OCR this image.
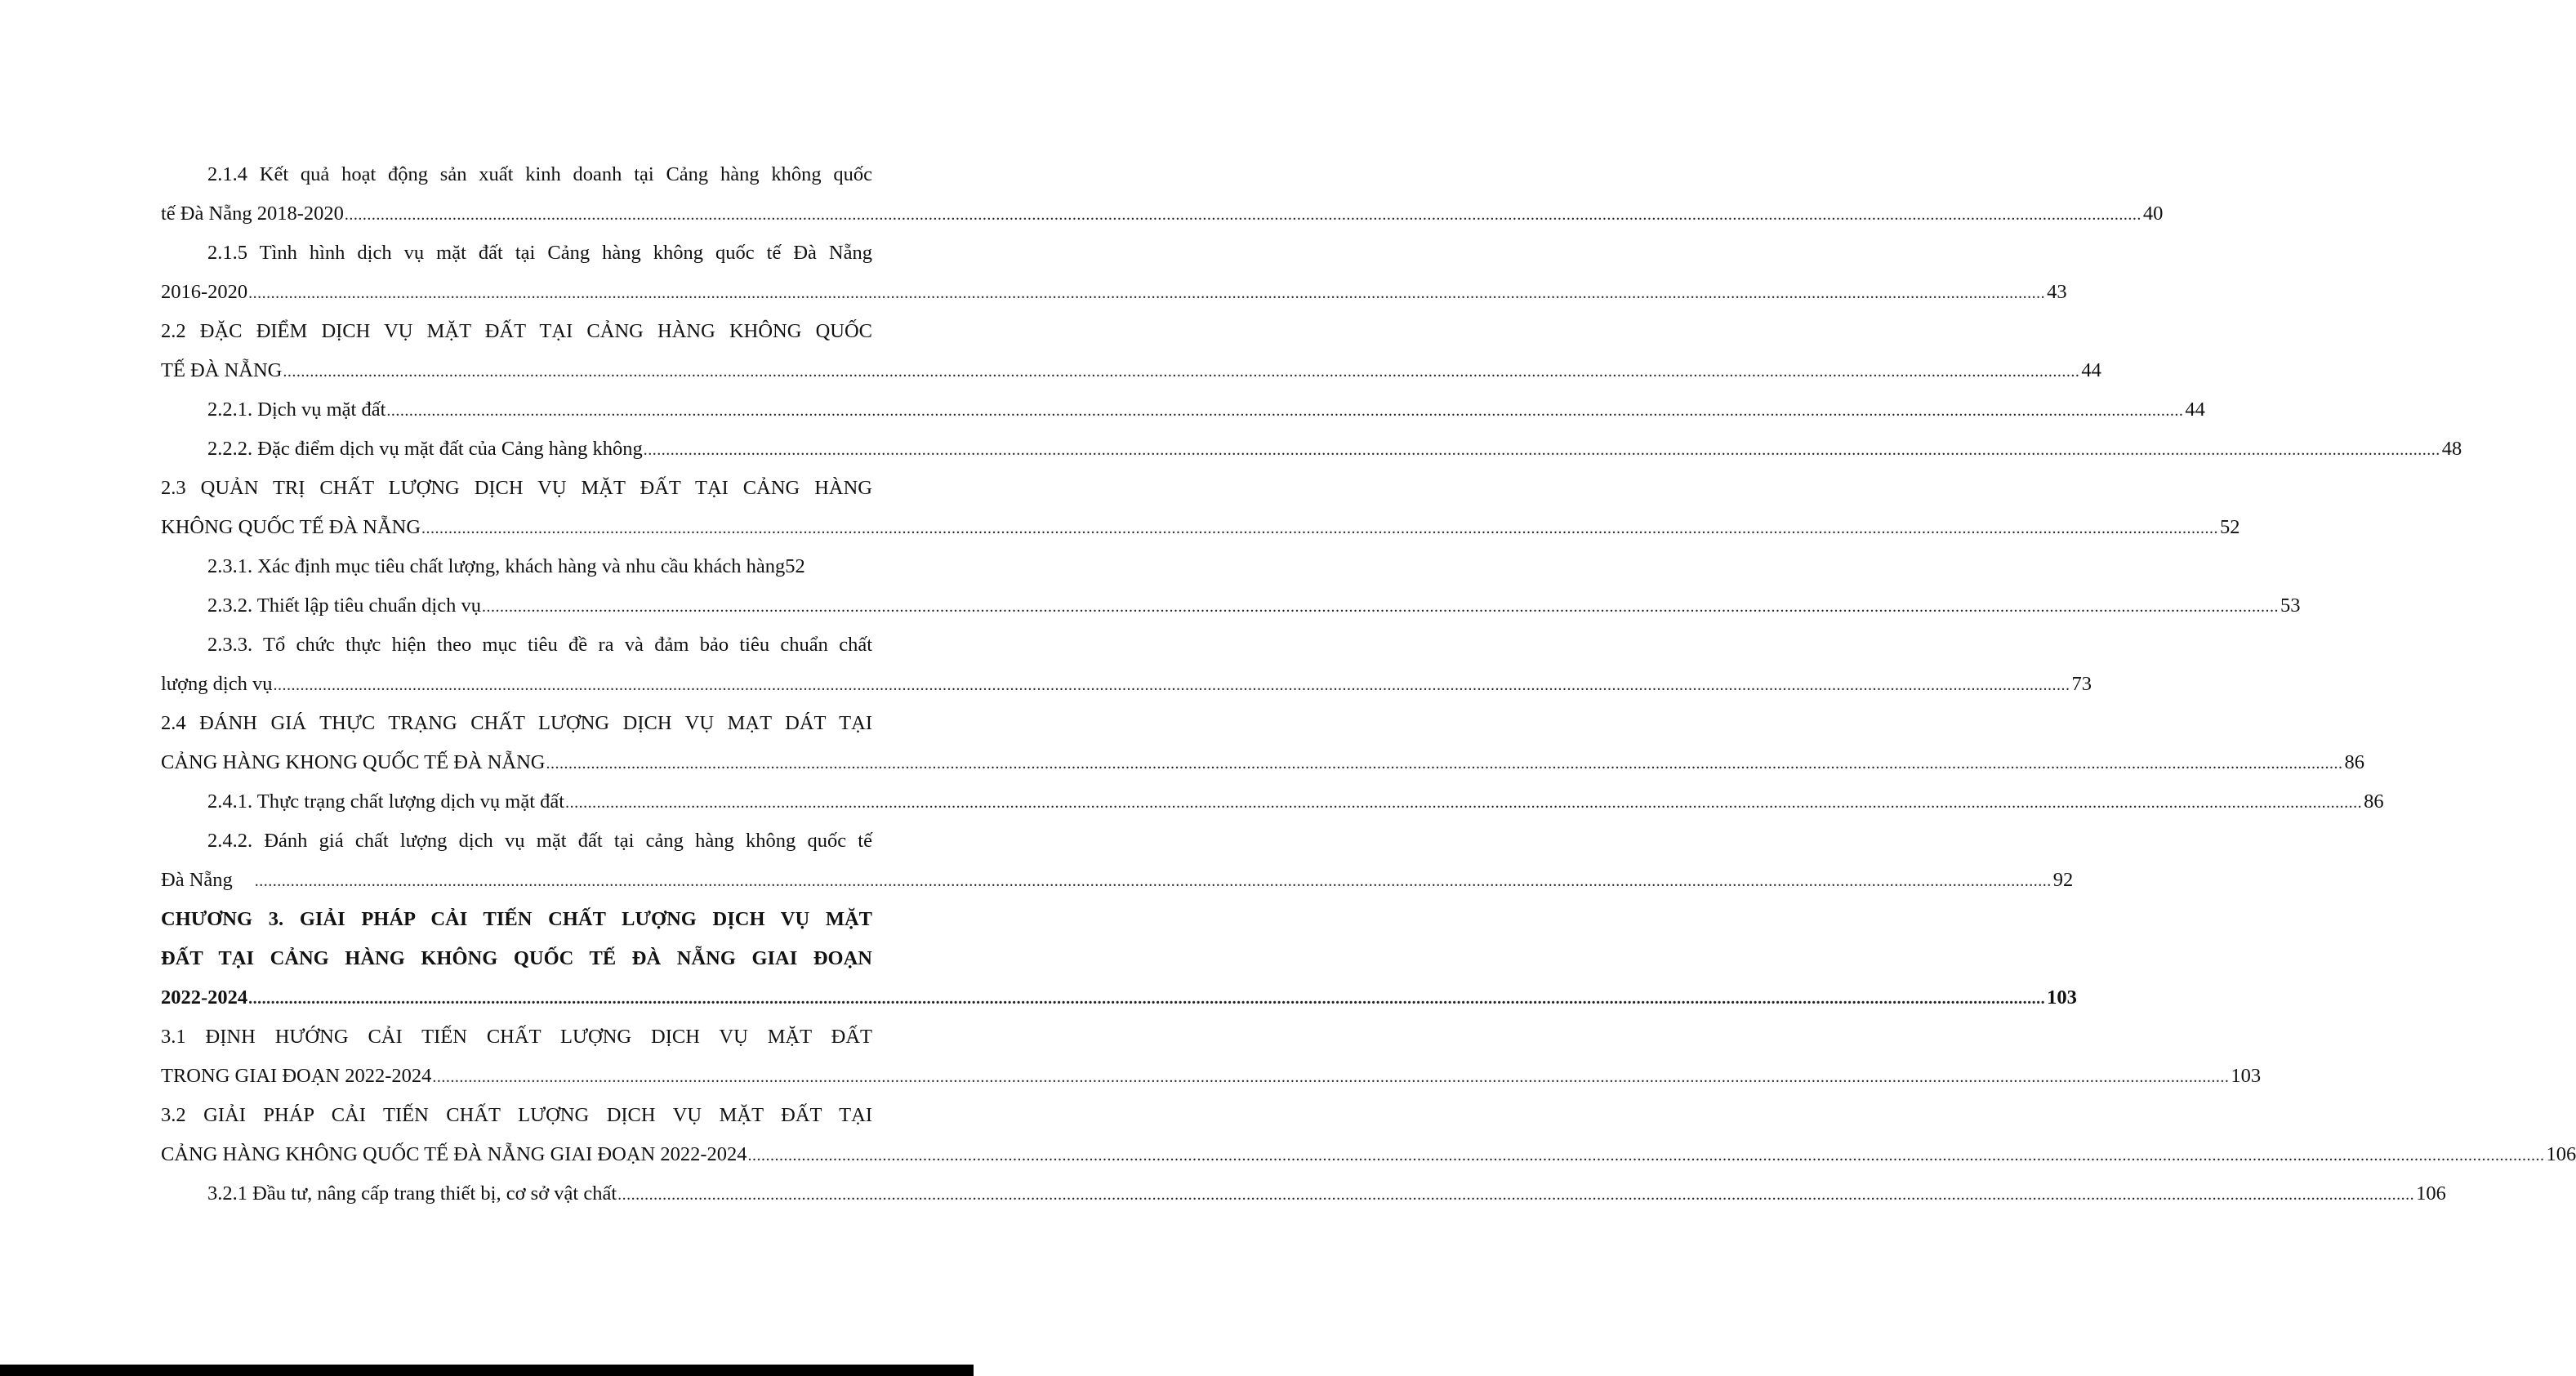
2.1.4 Kết quả hoạt động sản xuất kinh doanh tại Cảng hàng không quốc
tế Đà Nẵng 2018-2020 ................................................................................................................................................................................................................................................................................................................................................................................................................ 40
2.1.5 Tình hình dịch vụ mặt đất tại Cảng hàng không quốc tế Đà Nẵng
2016-2020 ................................................................................................................................................................................................................................................................................................................................................................................................................ 43
2.2 ĐẶC ĐIỂM DỊCH VỤ MẶT ĐẤT TẠI CẢNG HÀNG KHÔNG QUỐC
TẾ ĐÀ NẴNG ................................................................................................................................................................................................................................................................................................................................................................................................................ 44
2.2.1. Dịch vụ mặt đất ................................................................................................................................................................................................................................................................................................................................................................................................................ 44
2.2.2. Đặc điểm dịch vụ mặt đất của Cảng hàng không ................................................................................................................................................................................................................................................................................................................................................................................................................ 48
2.3 QUẢN TRỊ CHẤT LƯỢNG DỊCH VỤ MẶT ĐẤT TẠI CẢNG HÀNG
KHÔNG QUỐC TẾ ĐÀ NẴNG ................................................................................................................................................................................................................................................................................................................................................................................................................ 52
2.3.1. Xác định mục tiêu chất lượng, khách hàng và nhu cầu khách hàng52
2.3.2. Thiết lập tiêu chuẩn dịch vụ ................................................................................................................................................................................................................................................................................................................................................................................................................ 53
2.3.3. Tổ chức thực hiện theo mục tiêu đề ra và đảm bảo tiêu chuẩn chất
lượng dịch vụ ................................................................................................................................................................................................................................................................................................................................................................................................................ 73
2.4 ĐÁNH GIÁ THỰC TRẠNG CHẤT LƯỢNG DỊCH VỤ MẠT DÁT TẠI
CẢNG HÀNG KHONG QUỐC TẾ ĐÀ NẴNG ................................................................................................................................................................................................................................................................................................................................................................................................................ 86
2.4.1. Thực trạng chất lượng dịch vụ mặt đất ................................................................................................................................................................................................................................................................................................................................................................................................................ 86
2.4.2. Đánh giá chất lượng dịch vụ mặt đất tại cảng hàng không quốc tế
Đà Nẵng ................................................................................................................................................................................................................................................................................................................................................................................................................ 92
CHƯƠNG 3. GIẢI PHÁP CẢI TIẾN CHẤT LƯỢNG DỊCH VỤ MẶT
ĐẤT TẠI CẢNG HÀNG KHÔNG QUỐC TẾ ĐÀ NẴNG GIAI ĐOẠN
2022-2024 ................................................................................................................................................................................................................................................................................................................................................................................................................ 103
3.1 ĐỊNH HƯỚNG CẢI TIẾN CHẤT LƯỢNG DỊCH VỤ MẶT ĐẤT
TRONG GIAI ĐOẠN 2022-2024 ................................................................................................................................................................................................................................................................................................................................................................................................................ 103
3.2 GIẢI PHÁP CẢI TIẾN CHẤT LƯỢNG DỊCH VỤ MẶT ĐẤT TẠI
CẢNG HÀNG KHÔNG QUỐC TẾ ĐÀ NẴNG GIAI ĐOẠN 2022-2024 ................................................................................................................................................................................................................................................................................................................................................................................................................ 106
3.2.1 Đầu tư, nâng cấp trang thiết bị, cơ sở vật chất ................................................................................................................................................................................................................................................................................................................................................................................................................ 106
